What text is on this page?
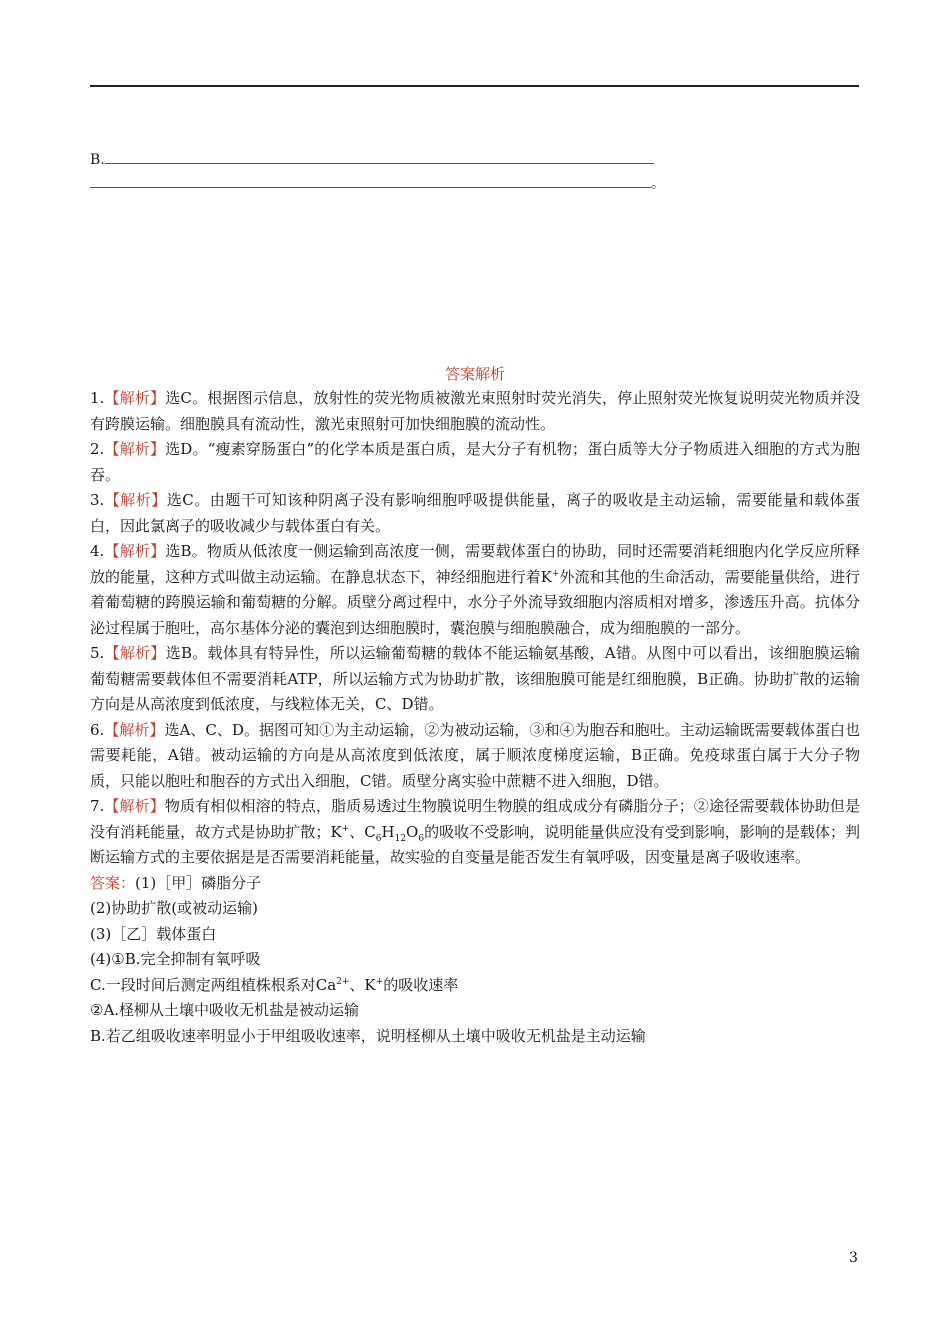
B.
。
答案解析

1.【解析】选C。根据图示信息，放射性的荧光物质被激光束照射时荧光消失，停止照射荧光恢复说明荧光物质并没有跨膜运输。细胞膜具有流动性，激光束照射可加快细胞膜的流动性。

2.【解析】选D。“瘦素穿肠蛋白”的化学本质是蛋白质，是大分子有机物；蛋白质等大分子物质进入细胞的方式为胞吞。

3.【解析】选C。由题干可知该种阴离子没有影响细胞呼吸提供能量，离子的吸收是主动运输，需要能量和载体蛋白，因此氯离子的吸收减少与载体蛋白有关。

4.【解析】选B。物质从低浓度一侧运输到高浓度一侧，需要载体蛋白的协助，同时还需要消耗细胞内化学反应所释放的能量，这种方式叫做主动运输。在静息状态下，神经细胞进行着K+外流和其他的生命活动，需要能量供给，进行着葡萄糖的跨膜运输和葡萄糖的分解。质壁分离过程中，水分子外流导致细胞内溶质相对增多，渗透压升高。抗体分泌过程属于胞吐，高尔基体分泌的囊泡到达细胞膜时，囊泡膜与细胞膜融合，成为细胞膜的一部分。

5.【解析】选B。载体具有特异性，所以运输葡萄糖的载体不能运输氨基酸，A错。从图中可以看出，该细胞膜运输葡萄糖需要载体但不需要消耗ATP，所以运输方式为协助扩散，该细胞膜可能是红细胞膜，B正确。协助扩散的运输方向是从高浓度到低浓度，与线粒体无关，C、D错。

6.【解析】选A、C、D。据图可知①为主动运输，②为被动运输，③和④为胞吞和胞吐。主动运输既需要载体蛋白也需要耗能，A错。被动运输的方向是从高浓度到低浓度，属于顺浓度梯度运输，B正确。免疫球蛋白属于大分子物质，只能以胞吐和胞吞的方式出入细胞，C错。质壁分离实验中蔗糖不进入细胞，D错。

7.【解析】物质有相似相溶的特点，脂质易透过生物膜说明生物膜的组成成分有磷脂分子；②途径需要载体协助但是没有消耗能量，故方式是协助扩散；K+、$C_6H_{12}O_6$的吸收不受影响，说明能量供应没有受到影响，影响的是载体；判断运输方式的主要依据是是否需要消耗能量，故实验的自变量是能否发生有氧呼吸，因变量是离子吸收速率。

答案：(1)［甲］磷脂分子

(2)协助扩散(或被动运输)

(3)［乙］载体蛋白

(4)①B.完全抑制有氧呼吸

C.一段时间后测定两组植株根系对$Ca^{2+}$、K+的吸收速率

②A.柽柳从土壤中吸收无机盐是被动运输

B.若乙组吸收速率明显小于甲组吸收速率，说明柽柳从土壤中吸收无机盐是主动运输

3
